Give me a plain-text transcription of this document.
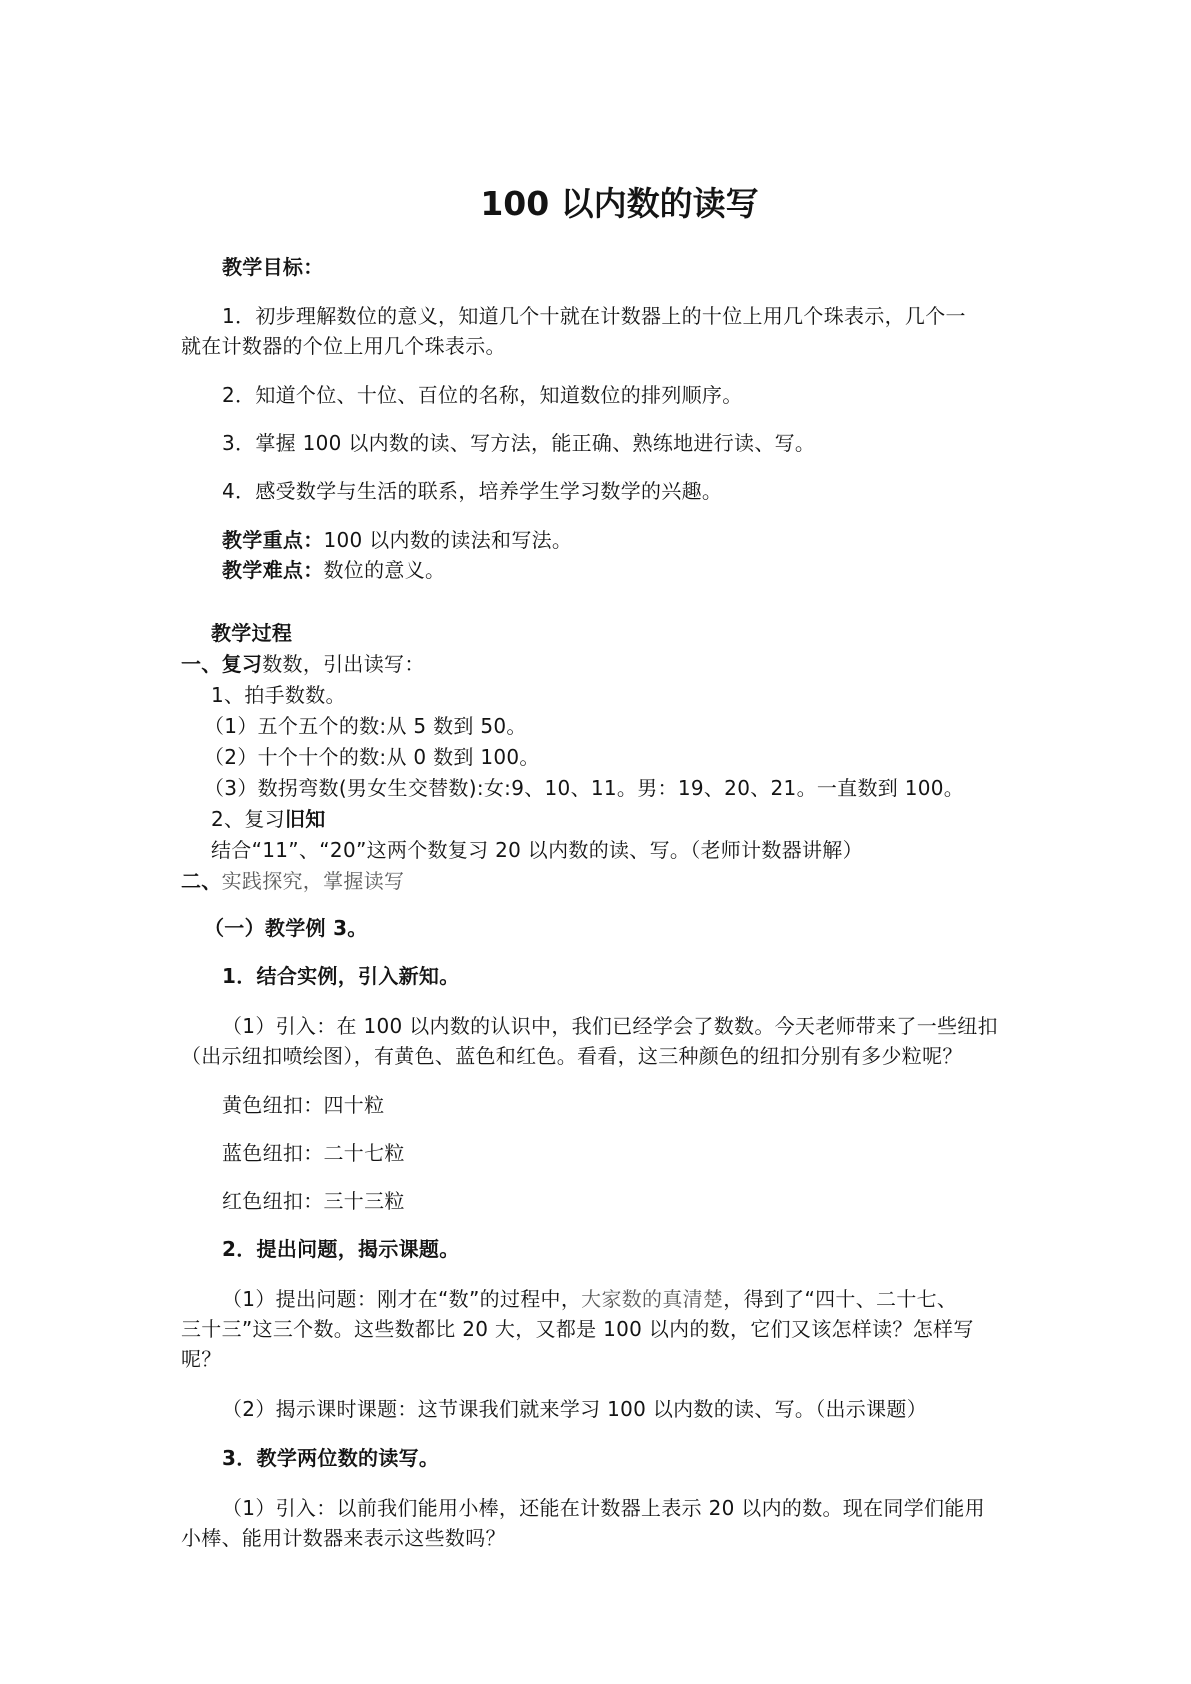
100 以内数的读写

教学目标：

1．初步理解数位的意义，知道几个十就在计数器上的十位上用几个珠表示，几个一

就在计数器的个位上用几个珠表示。

2．知道个位、十位、百位的名称，知道数位的排列顺序。

3．掌握 100 以内数的读、写方法，能正确、熟练地进行读、写。

4．感受数学与生活的联系，培养学生学习数学的兴趣。

教学重点：100 以内数的读法和写法。

教学难点：数位的意义。

教学过程

一、复习数数，引出读写：

1、拍手数数。

（1）五个五个的数:从 5 数到 50。

（2）十个十个的数:从 0 数到 100。

（3）数拐弯数(男女生交替数):女:9、10、11。男：19、20、21。一直数到 100。

2、复习旧知

结合“11”、“20”这两个数复习 20 以内数的读、写。（老师计数器讲解）

二、实践探究，掌握读写

（一）教学例 3。

1．结合实例，引入新知。

（1）引入：在 100 以内数的认识中，我们已经学会了数数。今天老师带来了一些纽扣

（出示纽扣喷绘图），有黄色、蓝色和红色。看看，这三种颜色的纽扣分别有多少粒呢？

黄色纽扣：四十粒

蓝色纽扣：二十七粒

红色纽扣：三十三粒

2．提出问题，揭示课题。

（1）提出问题：刚才在“数”的过程中，大家数的真清楚，得到了“四十、二十七、

三十三”这三个数。这些数都比 20 大，又都是 100 以内的数，它们又该怎样读？怎样写

呢？

（2）揭示课时课题：这节课我们就来学习 100 以内数的读、写。（出示课题）

3．教学两位数的读写。

（1）引入：以前我们能用小棒，还能在计数器上表示 20 以内的数。现在同学们能用

小棒、能用计数器来表示这些数吗？
